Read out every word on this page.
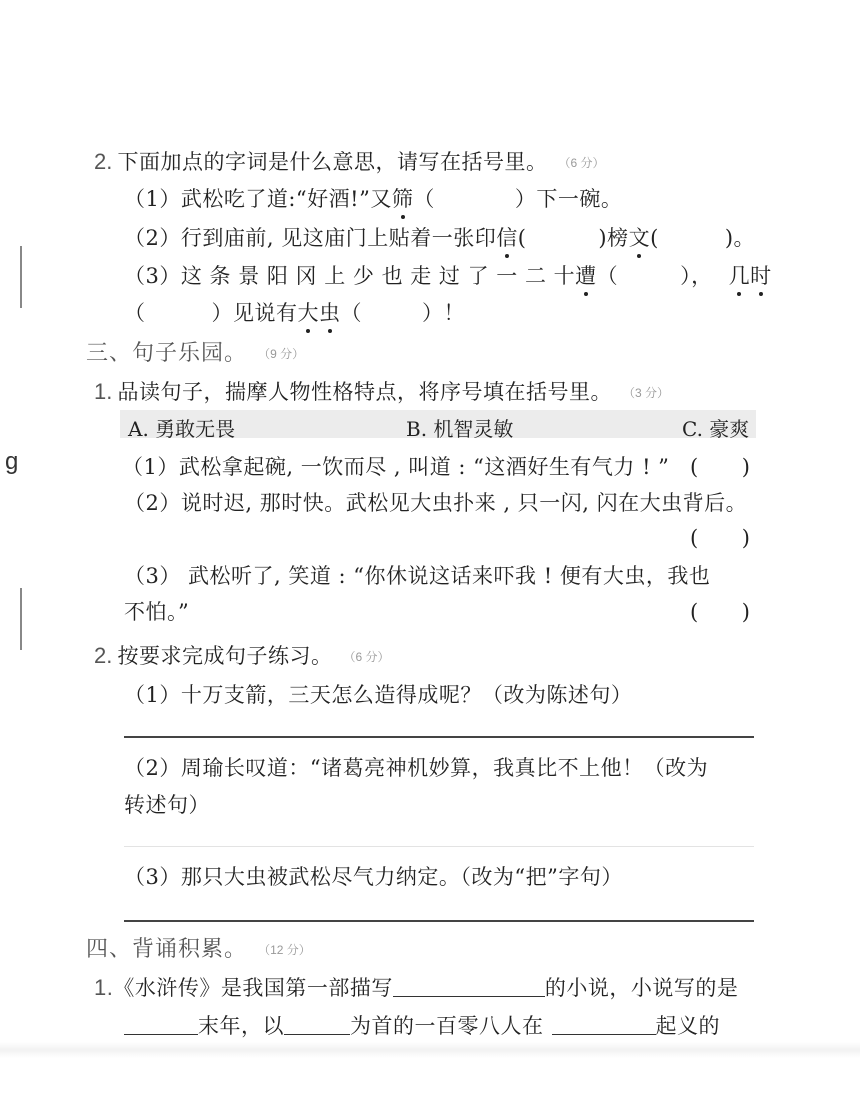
g
2. 下面加点的字词是什么意思，请写在括号里。 （6 分）
（1）武松吃了道:“好酒!”又筛（	）下一碗。
（2）行到庙前, 见这庙门上贴着一张印信(	)榜文(	)。
（3）这 条 景 阳 冈 上 少 也 走 过 了 一 二 十遭（	）， 几时
（	）见说有大虫（	）！
三、句子乐园。 （9 分）
1. 品读句子，揣摩人物性格特点，将序号填在括号里。 （3 分）
A. 勇敢无畏	B. 机智灵敏	C. 豪爽
（1）武松拿起碗, 一饮而尽 , 叫道 : “这酒好生有气力 ! ” (　　)
（2）说时迟, 那时快。武松见大虫扑来 , 只一闪, 闪在大虫背后。
(　　)
（3） 武松听了, 笑道 : “你休说这话来吓我 ! 便有大虫，我也
不怕。”	(　　)
2. 按要求完成句子练习。 （6 分）
（1）十万支箭，三天怎么造得成呢？（改为陈述句）
（2）周瑜长叹道：“诸葛亮神机妙算，我真比不上他！（改为
转述句）
（3）那只大虫被武松尽气力纳定。（改为“把”字句）
四、背诵积累。 （12 分）
1.《水浒传》是我国第一部描写	的小说，小说写的是
末年，以	为首的一百零八人在	起义的
